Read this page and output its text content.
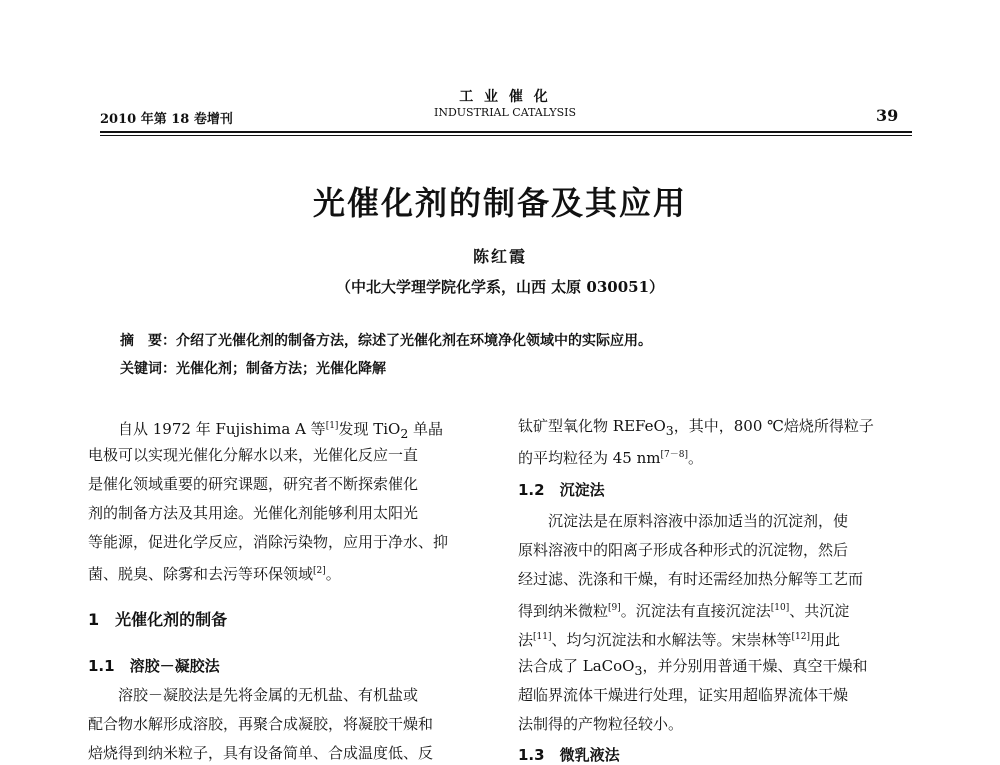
2010 年第 18 卷增刊
工 业 催 化
INDUSTRIAL CATALYSIS	39
光催化剂的制备及其应用
陈红霞
（中北大学理学院化学系，山西 太原 030051）
摘　要：介绍了光催化剂的制备方法，综述了光催化剂在环境净化领域中的实际应用。
关键词：光催化剂；制备方法；光催化降解
自从 1972 年 Fujishima A 等[1]发现 TiO$_2$ 单晶
电极可以实现光催化分解水以来，光催化反应一直
是催化领域重要的研究课题，研究者不断探索催化
剂的制备方法及其用途。光催化剂能够利用太阳光
等能源，促进化学反应，消除污染物，应用于净水、抑
菌、脱臭、除雾和去污等环保领域[2]。
1　光催化剂的制备
1.1　溶胶－凝胶法
溶胶－凝胶法是先将金属的无机盐、有机盐或
配合物水解形成溶胶，再聚合成凝胶，将凝胶干燥和
焙烧得到纳米粒子，具有设备简单、合成温度低、反
钛矿型氧化物 REFeO$_3$，其中，800 ℃焙烧所得粒子
的平均粒径为 45 nm[7－8]。
1.2　沉淀法
沉淀法是在原料溶液中添加适当的沉淀剂，使
原料溶液中的阳离子形成各种形式的沉淀物，然后
经过滤、洗涤和干燥，有时还需经加热分解等工艺而
得到纳米微粒[9]。沉淀法有直接沉淀法[10]、共沉淀
法[11]、均匀沉淀法和水解法等。宋崇林等[12]用此
法合成了 LaCoO$_3$，并分别用普通干燥、真空干燥和
超临界流体干燥进行处理，证实用超临界流体干燥
法制得的产物粒径较小。
1.3　微乳液法
